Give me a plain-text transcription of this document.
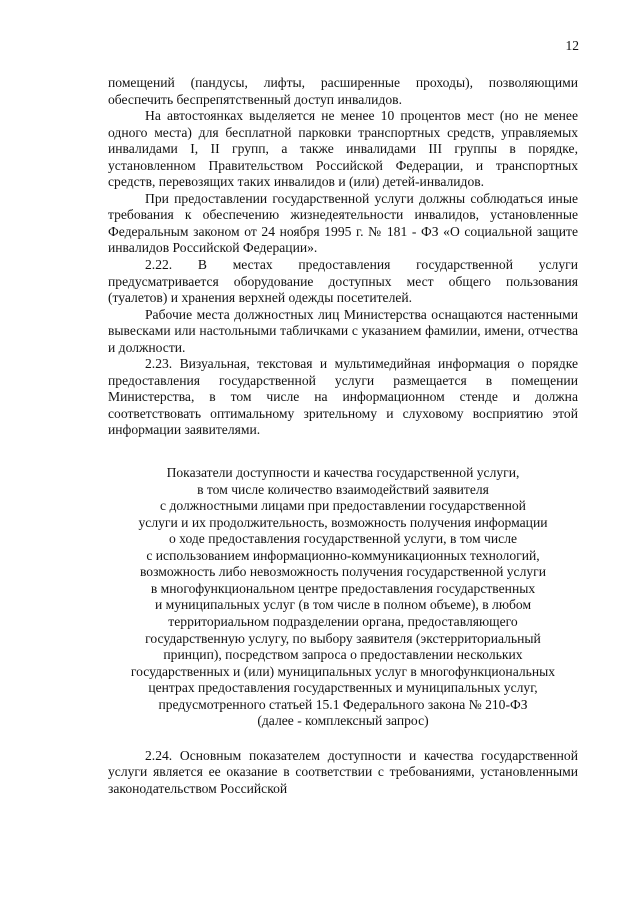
12

помещений (пандусы, лифты, расширенные проходы), позволяющими обеспечить беспрепятственный доступ инвалидов.

На автостоянках выделяется не менее 10 процентов мест (но не менее одного места) для бесплатной парковки транспортных средств, управляемых инвалидами I, II групп, а также инвалидами III группы в порядке, установленном Правительством Российской Федерации, и транспортных средств, перевозящих таких инвалидов и (или) детей-инвалидов.

При предоставлении государственной услуги должны соблюдаться иные требования к обеспечению жизнедеятельности инвалидов, установленные Федеральным законом от 24 ноября 1995 г. № 181 - ФЗ «О социальной защите инвалидов Российской Федерации».

2.22. В местах предоставления государственной услуги предусматривается оборудование доступных мест общего пользования (туалетов) и хранения верхней одежды посетителей.

Рабочие места должностных лиц Министерства оснащаются настенными вывесками или настольными табличками с указанием фамилии, имени, отчества и должности.

2.23. Визуальная, текстовая и мультимедийная информация о порядке предоставления государственной услуги размещается в помещении Министерства, в том числе на информационном стенде и должна соответствовать оптимальному зрительному и слуховому восприятию этой информации заявителями.

Показатели доступности и качества государственной услуги,
в том числе количество взаимодействий заявителя
с должностными лицами при предоставлении государственной
услуги и их продолжительность, возможность получения информации
о ходе предоставления государственной услуги, в том числе
с использованием информационно-коммуникационных технологий,
возможность либо невозможность получения государственной услуги
в многофункциональном центре предоставления государственных
и муниципальных услуг (в том числе в полном объеме), в любом
территориальном подразделении органа, предоставляющего
государственную услугу, по выбору заявителя (экстерриториальный
принцип), посредством запроса о предоставлении нескольких
государственных и (или) муниципальных услуг в многофункциональных
центрах предоставления государственных и муниципальных услуг,
предусмотренного статьей 15.1 Федерального закона № 210-ФЗ
(далее - комплексный запрос)

2.24. Основным показателем доступности и качества государственной услуги является ее оказание в соответствии с требованиями, установленными законодательством Российской
